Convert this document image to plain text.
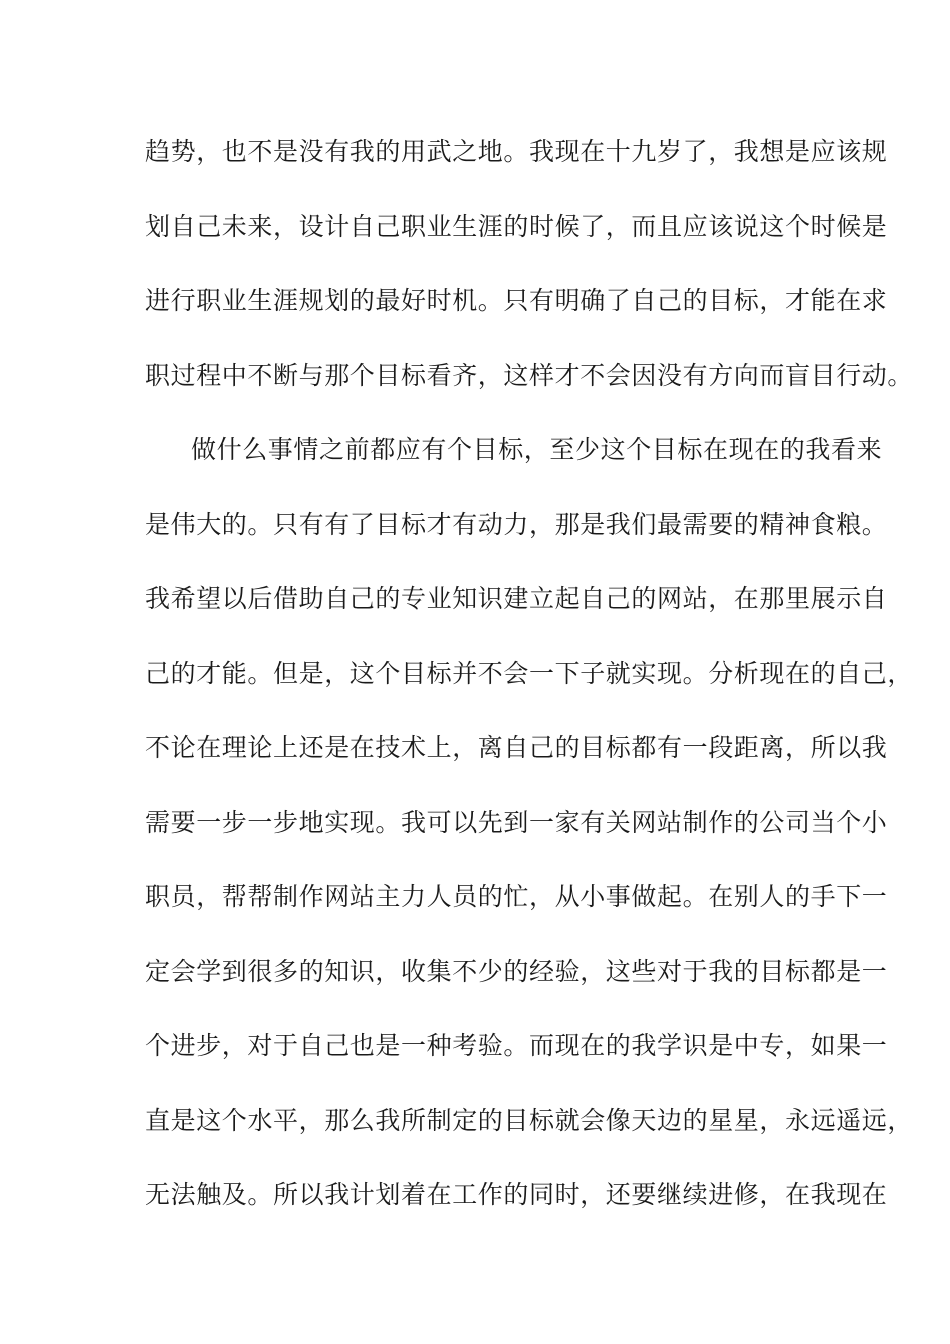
趋势，也不是没有我的用武之地。我现在十九岁了，我想是应该规
划自己未来，设计自己职业生涯的时候了，而且应该说这个时候是
进行职业生涯规划的最好时机。只有明确了自己的目标，才能在求
职过程中不断与那个目标看齐，这样才不会因没有方向而盲目行动。
做什么事情之前都应有个目标，至少这个目标在现在的我看来
是伟大的。只有有了目标才有动力，那是我们最需要的精神食粮。
我希望以后借助自己的专业知识建立起自己的网站，在那里展示自
己的才能。但是，这个目标并不会一下子就实现。分析现在的自己，
不论在理论上还是在技术上，离自己的目标都有一段距离，所以我
需要一步一步地实现。我可以先到一家有关网站制作的公司当个小
职员，帮帮制作网站主力人员的忙，从小事做起。在别人的手下一
定会学到很多的知识，收集不少的经验，这些对于我的目标都是一
个进步，对于自己也是一种考验。而现在的我学识是中专，如果一
直是这个水平，那么我所制定的目标就会像天边的星星，永远遥远，
无法触及。所以我计划着在工作的同时，还要继续进修，在我现在
